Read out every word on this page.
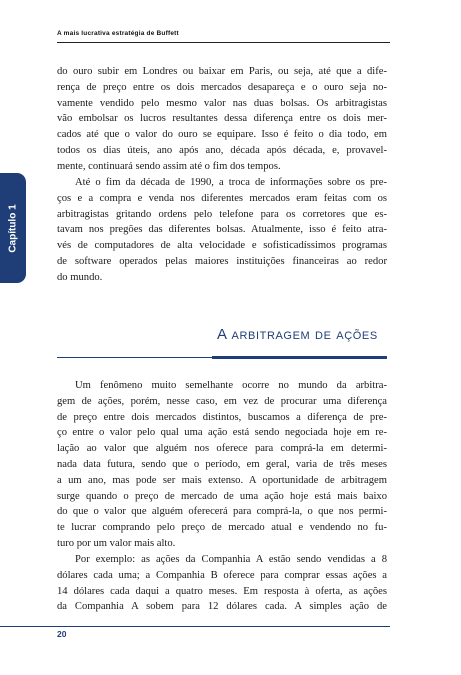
A mais lucrativa estratégia de Buffett
Capítulo 1
do ouro subir em Londres ou baixar em Paris, ou seja, até que a dife-
rença de preço entre os dois mercados desapareça e o ouro seja no-
vamente vendido pelo mesmo valor nas duas bolsas. Os arbitragistas
vão embolsar os lucros resultantes dessa diferença entre os dois mer-
cados até que o valor do ouro se equipare. Isso é feito o dia todo, em
todos os dias úteis, ano após ano, década após década, e, provavel-
mente, continuará sendo assim até o fim dos tempos.
Até o fim da década de 1990, a troca de informações sobre os pre-
ços e a compra e venda nos diferentes mercados eram feitas com os
arbitragistas gritando ordens pelo telefone para os corretores que es-
tavam nos pregões das diferentes bolsas. Atualmente, isso é feito atra-
vés de computadores de alta velocidade e sofisticadíssimos programas
de software operados pelas maiores instituições financeiras ao redor
do mundo.
A arbitragem de ações
Um fenômeno muito semelhante ocorre no mundo da arbitra-
gem de ações, porém, nesse caso, em vez de procurar uma diferença
de preço entre dois mercados distintos, buscamos a diferença de pre-
ço entre o valor pelo qual uma ação está sendo negociada hoje em re-
lação ao valor que alguém nos oferece para comprá-la em determi-
nada data futura, sendo que o período, em geral, varia de três meses
a um ano, mas pode ser mais extenso. A oportunidade de arbitragem
surge quando o preço de mercado de uma ação hoje está mais baixo
do que o valor que alguém oferecerá para comprá-la, o que nos permi-
te lucrar comprando pelo preço de mercado atual e vendendo no fu-
turo por um valor mais alto.
Por exemplo: as ações da Companhia A estão sendo vendidas a 8
dólares cada uma; a Companhia B oferece para comprar essas ações a
14 dólares cada daqui a quatro meses. Em resposta à oferta, as ações
da Companhia A sobem para 12 dólares cada. A simples ação de
20
